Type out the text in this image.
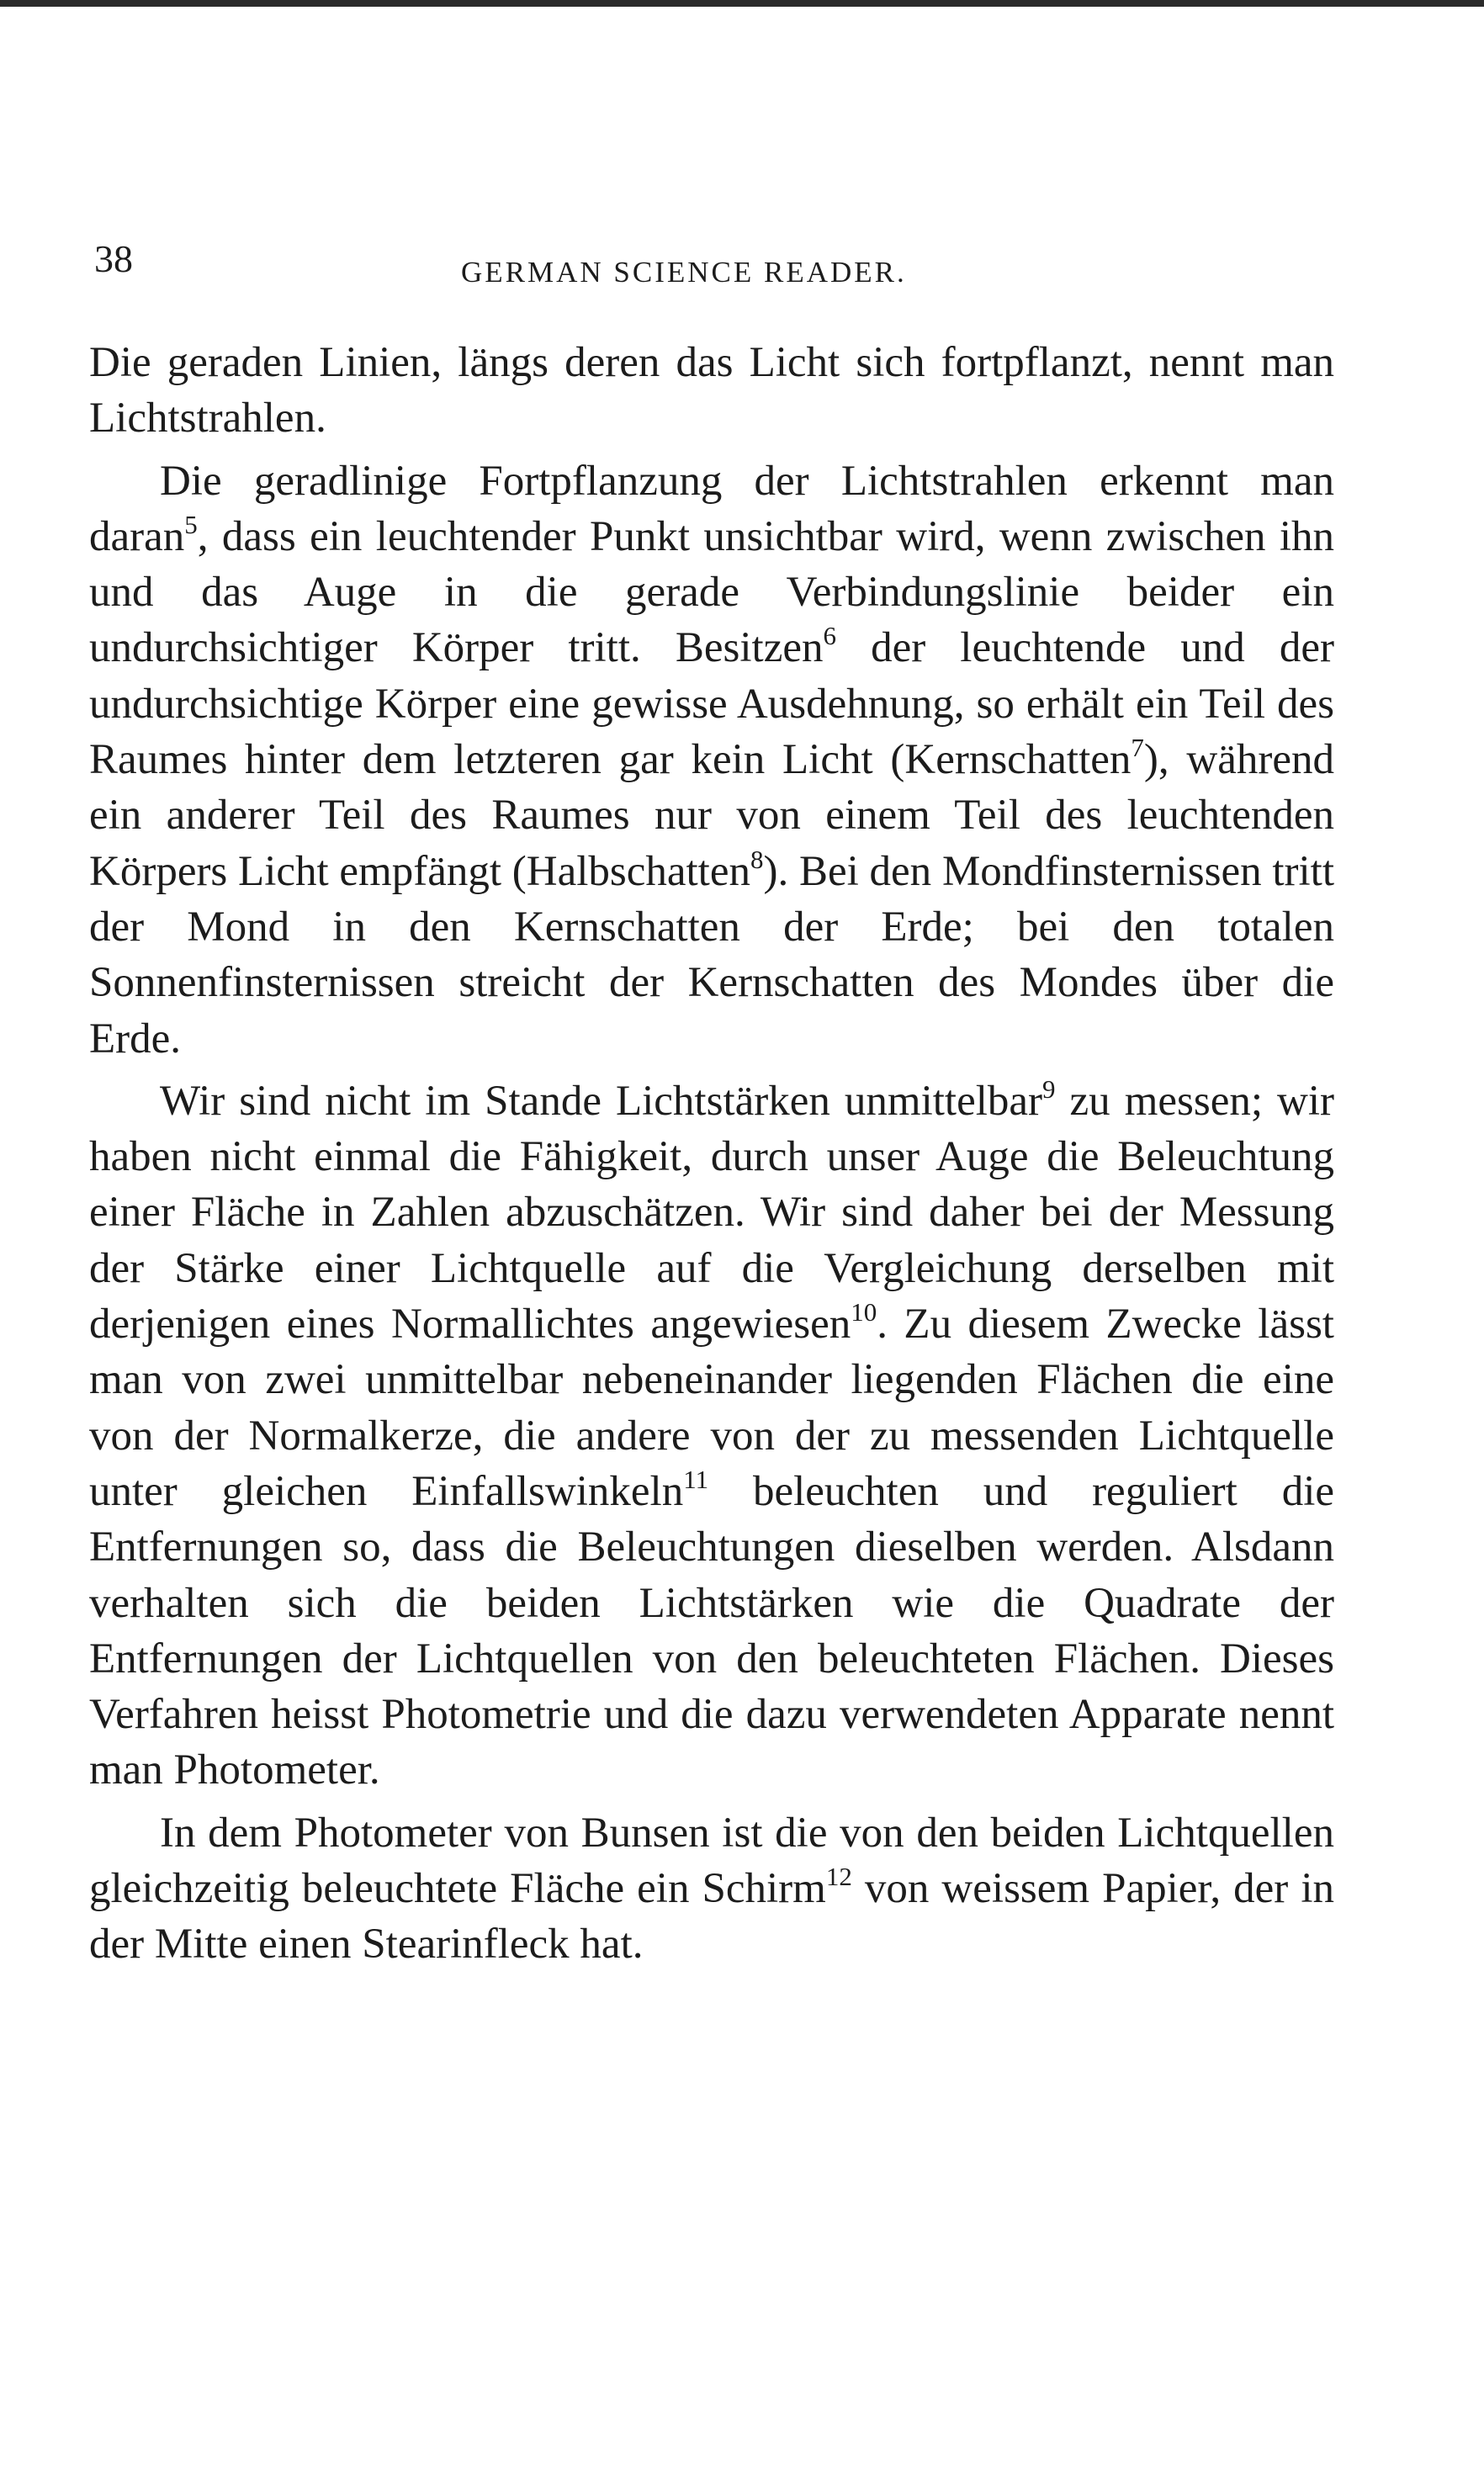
38	GERMAN SCIENCE READER.

Die geraden Linien, längs deren das Licht sich fortpflanzt, nennt man Lichtstrahlen.

Die geradlinige Fortpflanzung der Lichtstrahlen erkennt man daran$^5$, dass ein leuchtender Punkt unsichtbar wird, wenn zwischen ihn und das Auge in die gerade Verbindungslinie beider ein undurchsichtiger Körper tritt. Besitzen$^6$ der leuchtende und der undurchsichtige Körper eine gewisse Ausdehnung, so erhält ein Teil des Raumes hinter dem letzteren gar kein Licht (Kernschatten$^7$), während ein anderer Teil des Raumes nur von einem Teil des leuchtenden Körpers Licht empfängt (Halbschatten$^8$). Bei den Mondfinsternissen tritt der Mond in den Kernschatten der Erde; bei den totalen Sonnenfinsternissen streicht der Kernschatten des Mondes über die Erde.

Wir sind nicht im Stande Lichtstärken unmittelbar$^9$ zu messen; wir haben nicht einmal die Fähigkeit, durch unser Auge die Beleuchtung einer Fläche in Zahlen abzuschätzen. Wir sind daher bei der Messung der Stärke einer Lichtquelle auf die Vergleichung derselben mit derjenigen eines Normallichtes angewiesen$^{10}$. Zu diesem Zwecke lässt man von zwei unmittelbar nebeneinander liegenden Flächen die eine von der Normalkerze, die andere von der zu messenden Lichtquelle unter gleichen Einfallswinkeln$^{11}$ beleuchten und reguliert die Entfernungen so, dass die Beleuchtungen dieselben werden. Alsdann verhalten sich die beiden Lichtstärken wie die Quadrate der Entfernungen der Lichtquellen von den beleuchteten Flächen. Dieses Verfahren heisst Photometrie und die dazu verwendeten Apparate nennt man Photometer.

In dem Photometer von Bunsen ist die von den beiden Lichtquellen gleichzeitig beleuchtete Fläche ein Schirm$^{12}$ von weissem Papier, der in der Mitte einen Stearinfleck hat.
